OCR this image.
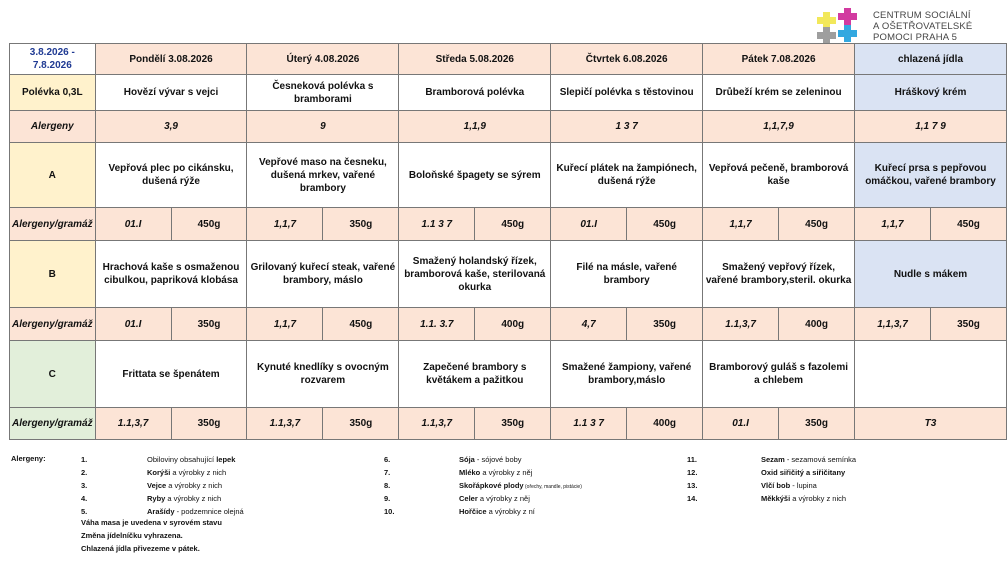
CENTRUM SOCIÁLNÍ
A OŠETŘOVATELSKÉ
POMOCI PRAHA 5
3.8.2026 - 7.8.2026	Pondělí 3.08.2026		Úterý 4.08.2026		Středa 5.08.2026		Čtvrtek 6.08.2026		Pátek 7.08.2026		chlazená jídla	
Polévka 0,3L	Hovězí vývar s vejci		Česneková polévka s bramborami		Bramborová polévka		Slepičí polévka s těstovinou		Drůbeží krém se zeleninou		Hráškový krém	
Alergeny	3,9		9		1,1,9		1 3 7		1,1,7,9		1,1 7 9	
A	Vepřová plec po cikánsku, dušená rýže		Vepřové maso na česneku, dušená mrkev, vařené brambory		Boloňské špagety se sýrem		Kuřecí plátek na žampiónech, dušená rýže		Vepřová pečeně, bramborová kaše		Kuřecí prsa s pepřovou omáčkou, vařené brambory	
Alergeny/gramáž	01.I	450g	1,1,7	350g	1.1 3 7	450g	01.I	450g	1,1,7	450g	1,1,7	450g
B	Hrachová kaše s osmaženou cibulkou, papriková klobása		Grilovaný kuřecí steak, vařené brambory, máslo		Smažený holandský řízek, bramborová kaše, sterilovaná okurka		Filé na másle, vařené brambory		Smažený vepřový řízek, vařené brambory,steril. okurka		Nudle s mákem	
Alergeny/gramáž	01.I	350g	1,1,7	450g	1.1. 3.7	400g	4,7	350g	1.1,3,7	400g	1,1,3,7	350g
C	Frittata se špenátem		Kynuté knedlíky s ovocným rozvarem		Zapečené brambory s květákem a pažitkou		Smažené žampiony, vařené brambory,máslo		Bramborový guláš s fazolemi a chlebem			
Alergeny/gramáž	1.1,3,7	350g	1.1,3,7	350g	1.1,3,7	350g	1.1 3 7	400g	01.I	350g	T3	
Alergeny:	1.	Obiloviny obsahující lepek
2.	Korýši a výrobky z nich
3.	Vejce a výrobky z nich
4.	Ryby a výrobky z nich
5.	Arašídy - podzemnice olejná
6.	Sója - sójové boby
7.	Mléko a výrobky z něj
8.	Skořápkové plody (ořechy, mandle, pistácie)
9.	Celer a výrobky z něj
10.	Hořčice a výrobky z ní
11.	Sezam - sezamová semínka
12.	Oxid siřičitý a siřičitany
13.	Vlčí bob - lupina
14.	Měkkýši a výrobky z nich
Váha masa je uvedena v syrovém stavu
Změna jídelníčku vyhrazena.
Chlazená jídla přivezeme v pátek.
